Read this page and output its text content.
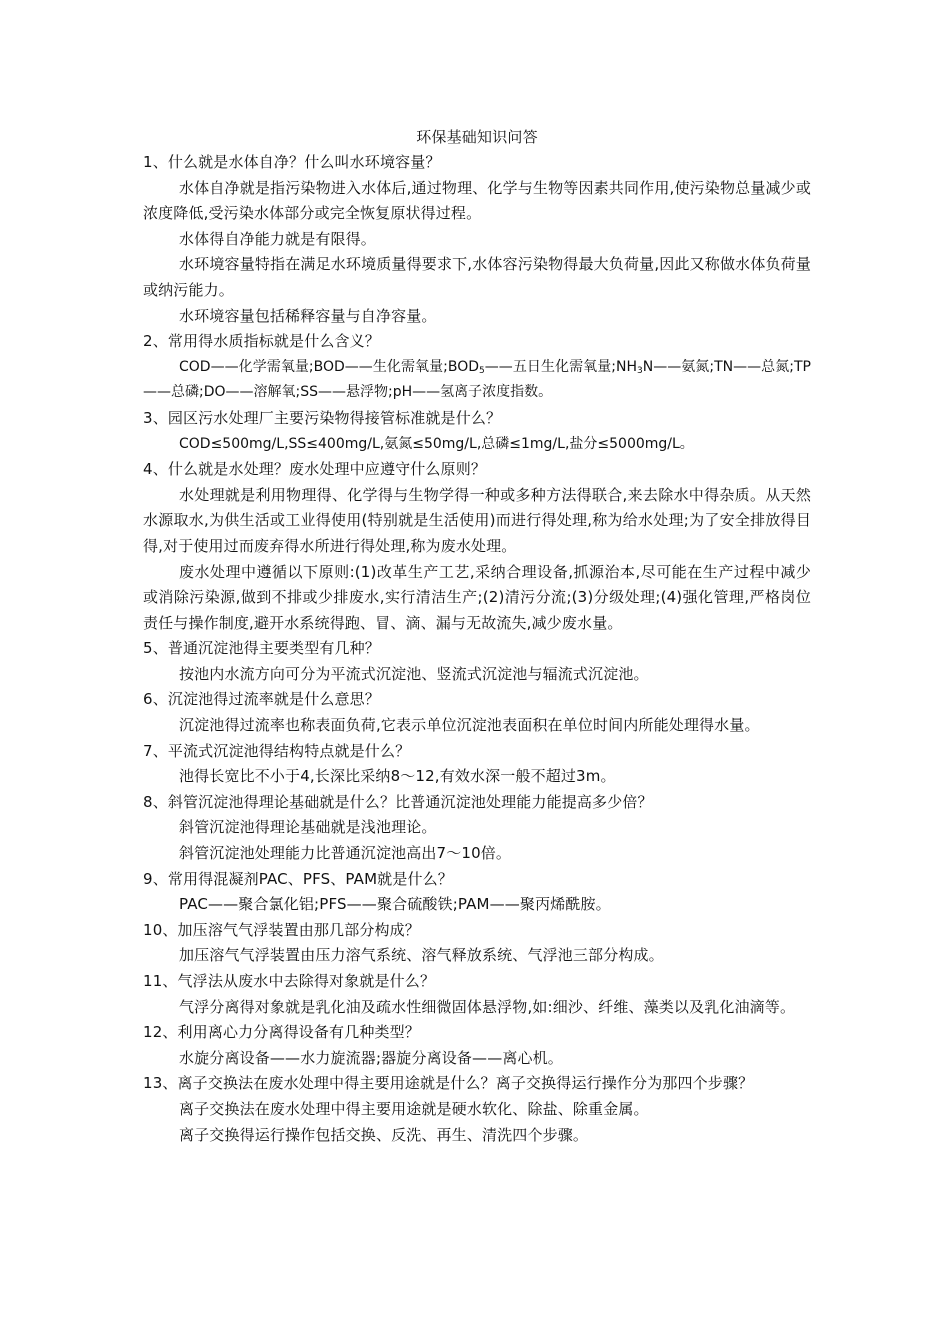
环保基础知识问答

1、什么就是水体自净？什么叫水环境容量？

水体自净就是指污染物进入水体后,通过物理、化学与生物等因素共同作用,使污染物总量减少或浓度降低,受污染水体部分或完全恢复原状得过程。

水体得自净能力就是有限得。

水环境容量特指在满足水环境质量得要求下,水体容污染物得最大负荷量,因此又称做水体负荷量或纳污能力。

水环境容量包括稀释容量与自净容量。

2、常用得水质指标就是什么含义？

COD——化学需氧量;BOD——生化需氧量$;BOD_5——$五日生化需氧量$;NH_3N——$氨氮;TN——总氮;TP——总磷;DO——溶解氧;SS——悬浮物;pH——氢离子浓度指数。

3、园区污水处理厂主要污染物得接管标准就是什么？

COD≤500mg/L,SS≤400mg/L,氨氮≤50mg/L,总磷≤1mg/L,盐分≤5000mg/L。

4、什么就是水处理？废水处理中应遵守什么原则？

水处理就是利用物理得、化学得与生物学得一种或多种方法得联合,来去除水中得杂质。从天然水源取水,为供生活或工业得使用(特别就是生活使用)而进行得处理,称为给水处理;为了安全排放得目得,对于使用过而废弃得水所进行得处理,称为废水处理。

废水处理中遵循以下原则:(1)改革生产工艺,采纳合理设备,抓源治本,尽可能在生产过程中减少或消除污染源,做到不排或少排废水,实行清洁生产;(2)清污分流;(3)分级处理;(4)强化管理,严格岗位责任与操作制度,避开水系统得跑、冒、滴、漏与无故流失,减少废水量。

5、普通沉淀池得主要类型有几种？

按池内水流方向可分为平流式沉淀池、竖流式沉淀池与辐流式沉淀池。

6、沉淀池得过流率就是什么意思？

沉淀池得过流率也称表面负荷,它表示单位沉淀池表面积在单位时间内所能处理得水量。

7、平流式沉淀池得结构特点就是什么？

池得长宽比不小于4,长深比采纳8～12,有效水深一般不超过3m。

8、斜管沉淀池得理论基础就是什么？比普通沉淀池处理能力能提高多少倍？

斜管沉淀池得理论基础就是浅池理论。

斜管沉淀池处理能力比普通沉淀池高出7～10倍。

9、常用得混凝剂PAC、PFS、PAM就是什么？

PAC——聚合氯化铝;PFS——聚合硫酸铁;PAM——聚丙烯酰胺。

10、加压溶气气浮装置由那几部分构成？

加压溶气气浮装置由压力溶气系统、溶气释放系统、气浮池三部分构成。

11、气浮法从废水中去除得对象就是什么？

气浮分离得对象就是乳化油及疏水性细微固体悬浮物,如:细沙、纤维、藻类以及乳化油滴等。

12、利用离心力分离得设备有几种类型？

水旋分离设备——水力旋流器;器旋分离设备——离心机。

13、离子交换法在废水处理中得主要用途就是什么？离子交换得运行操作分为那四个步骤？

离子交换法在废水处理中得主要用途就是硬水软化、除盐、除重金属。

离子交换得运行操作包括交换、反洗、再生、清洗四个步骤。
